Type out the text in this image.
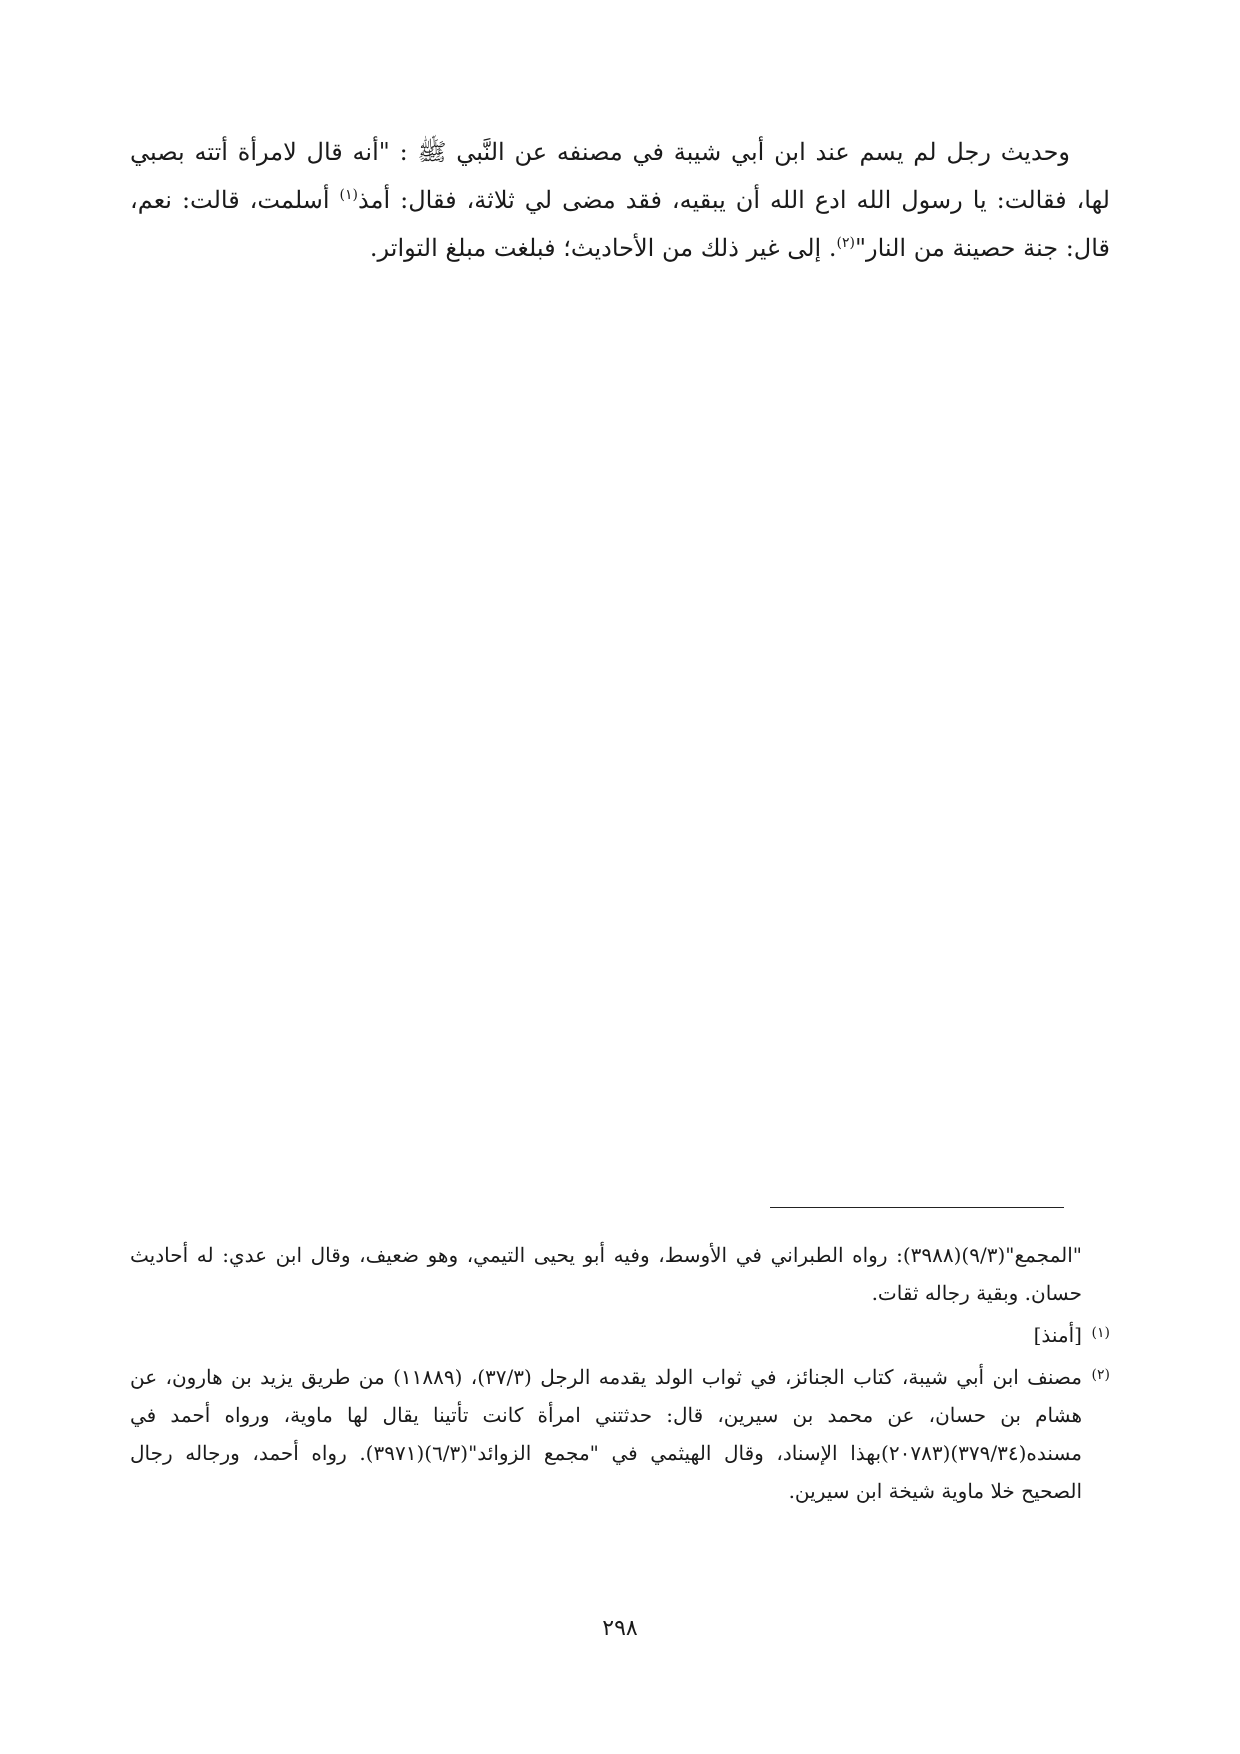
وحديث رجل لم يسم عند ابن أبي شيبة في مصنفه عن النَّبي ﷺ : "أنه قال لامرأة أتته بصبي لها، فقالت: يا رسول الله ادع الله أن يبقيه، فقد مضى لي ثلاثة، فقال: أمذ$^{(١)}$ أسلمت، قالت: نعم، قال: جنة حصينة من النار"$^{(٢)}$. إلى غير ذلك من الأحاديث؛ فبلغت مبلغ التواتر.

"المجمع"(٩/٣)(٣٩٨٨): رواه الطبراني في الأوسط، وفيه أبو يحيى التيمي، وهو ضعيف، وقال ابن عدي: له أحاديث حسان. وبقية رجاله ثقات.

(١)
[أمنذ]

(٢)
مصنف ابن أبي شيبة، كتاب الجنائز، في ثواب الولد يقدمه الرجل (٣٧/٣)، (١١٨٨٩) من طريق يزيد بن هارون، عن هشام بن حسان، عن محمد بن سيرين، قال: حدثتني امرأة كانت تأتينا يقال لها ماوية، ورواه أحمد في مسنده(٣٧٩/٣٤)(٢٠٧٨٣)بهذا الإسناد، وقال الهيثمي في "مجمع الزوائد"(٦/٣)(٣٩٧١). رواه أحمد، ورجاله رجال الصحيح خلا ماوية شيخة ابن سيرين.

٢٩٨
